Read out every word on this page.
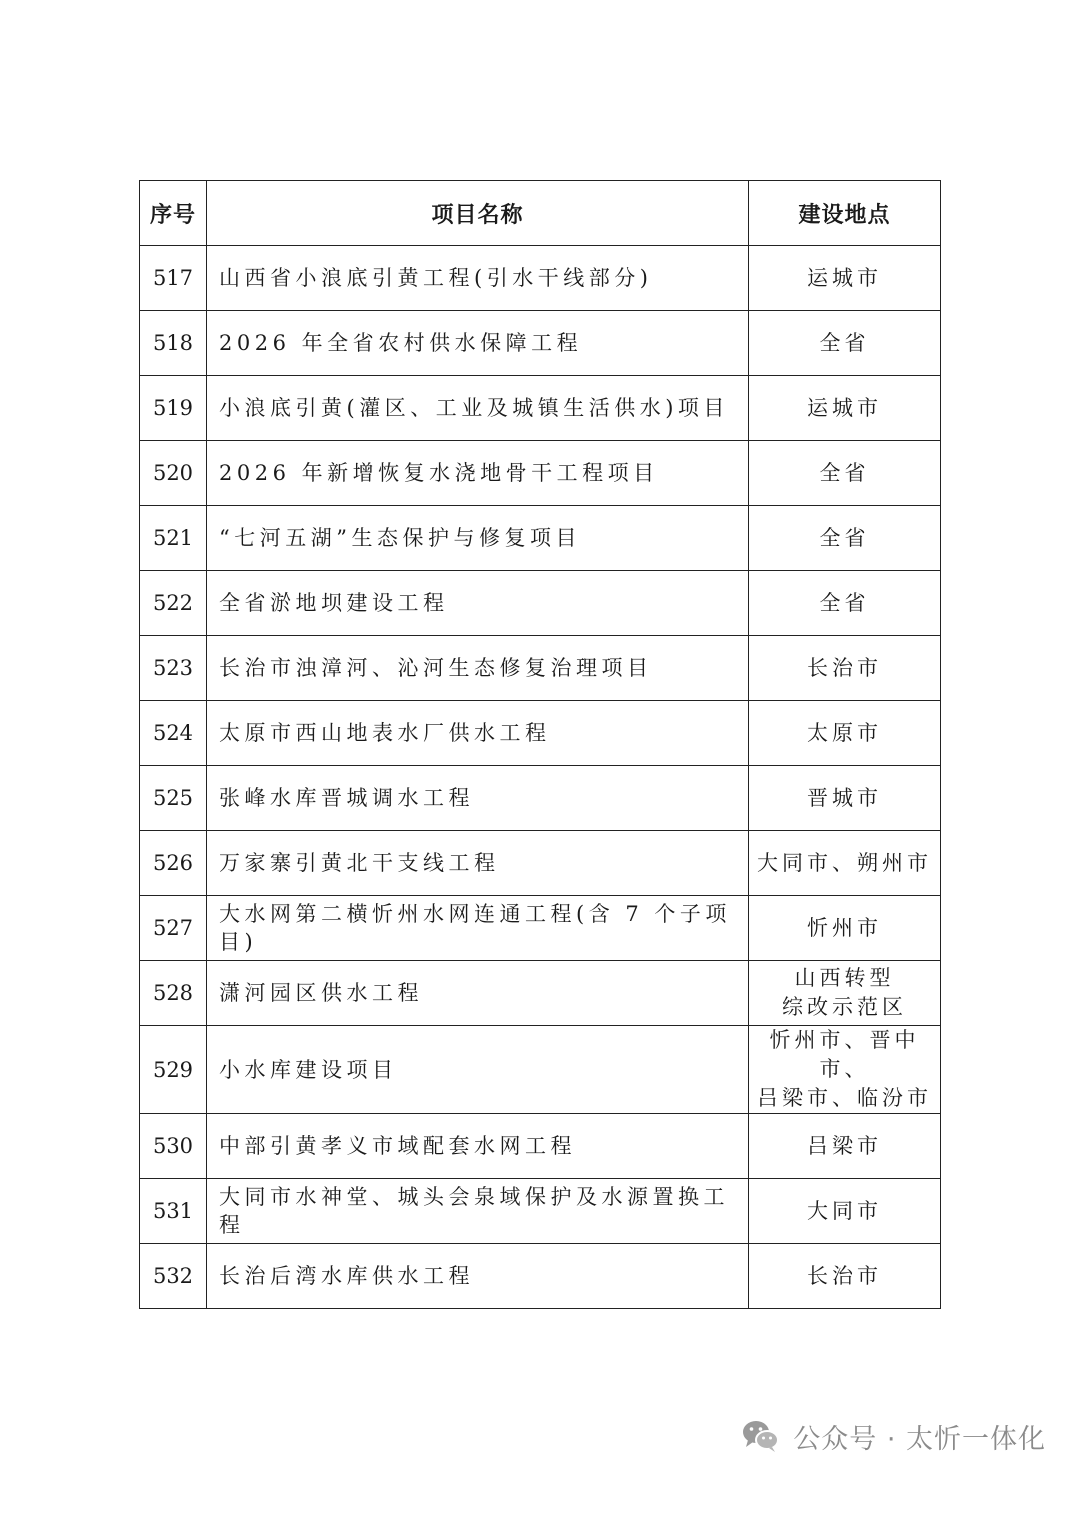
序号	项目名称	建设地点
517	山西省小浪底引黄工程(引水干线部分)	运城市
518	2026 年全省农村供水保障工程	全省
519	小浪底引黄(灌区、工业及城镇生活供水)项目	运城市
520	2026 年新增恢复水浇地骨干工程项目	全省
521	“七河五湖”生态保护与修复项目	全省
522	全省淤地坝建设工程	全省
523	长治市浊漳河、沁河生态修复治理项目	长治市
524	太原市西山地表水厂供水工程	太原市
525	张峰水库晋城调水工程	晋城市
526	万家寨引黄北干支线工程	大同市、朔州市
527	大水网第二横忻州水网连通工程(含 7 个子项目)	忻州市
528	潇河园区供水工程	山西转型
综改示范区
529	小水库建设项目	忻州市、晋中市、
吕梁市、临汾市
530	中部引黄孝义市域配套水网工程	吕梁市
531	大同市水神堂、城头会泉域保护及水源置换工程	大同市
532	长治后湾水库供水工程	长治市
公众号 · 太忻一体化
